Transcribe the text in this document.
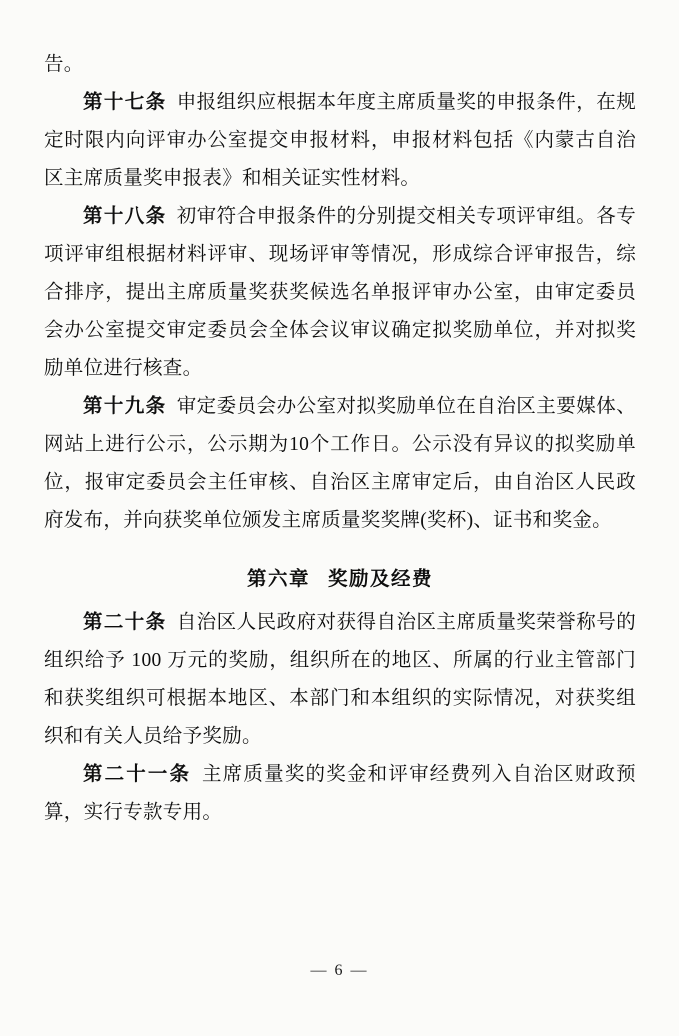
告。

第十七条 申报组织应根据本年度主席质量奖的申报条件，在规定时限内向评审办公室提交申报材料，申报材料包括《内蒙古自治区主席质量奖申报表》和相关证实性材料。

第十八条 初审符合申报条件的分别提交相关专项评审组。各专项评审组根据材料评审、现场评审等情况，形成综合评审报告，综合排序，提出主席质量奖获奖候选名单报评审办公室，由审定委员会办公室提交审定委员会全体会议审议确定拟奖励单位，并对拟奖励单位进行核查。

第十九条 审定委员会办公室对拟奖励单位在自治区主要媒体、网站上进行公示，公示期为10个工作日。公示没有异议的拟奖励单位，报审定委员会主任审核、自治区主席审定后，由自治区人民政府发布，并向获奖单位颁发主席质量奖奖牌(奖杯)、证书和奖金。

第六章 奖励及经费

第二十条 自治区人民政府对获得自治区主席质量奖荣誉称号的组织给予 100 万元的奖励，组织所在的地区、所属的行业主管部门和获奖组织可根据本地区、本部门和本组织的实际情况，对获奖组织和有关人员给予奖励。

第二十一条 主席质量奖的奖金和评审经费列入自治区财政预算，实行专款专用。

— 6 —
